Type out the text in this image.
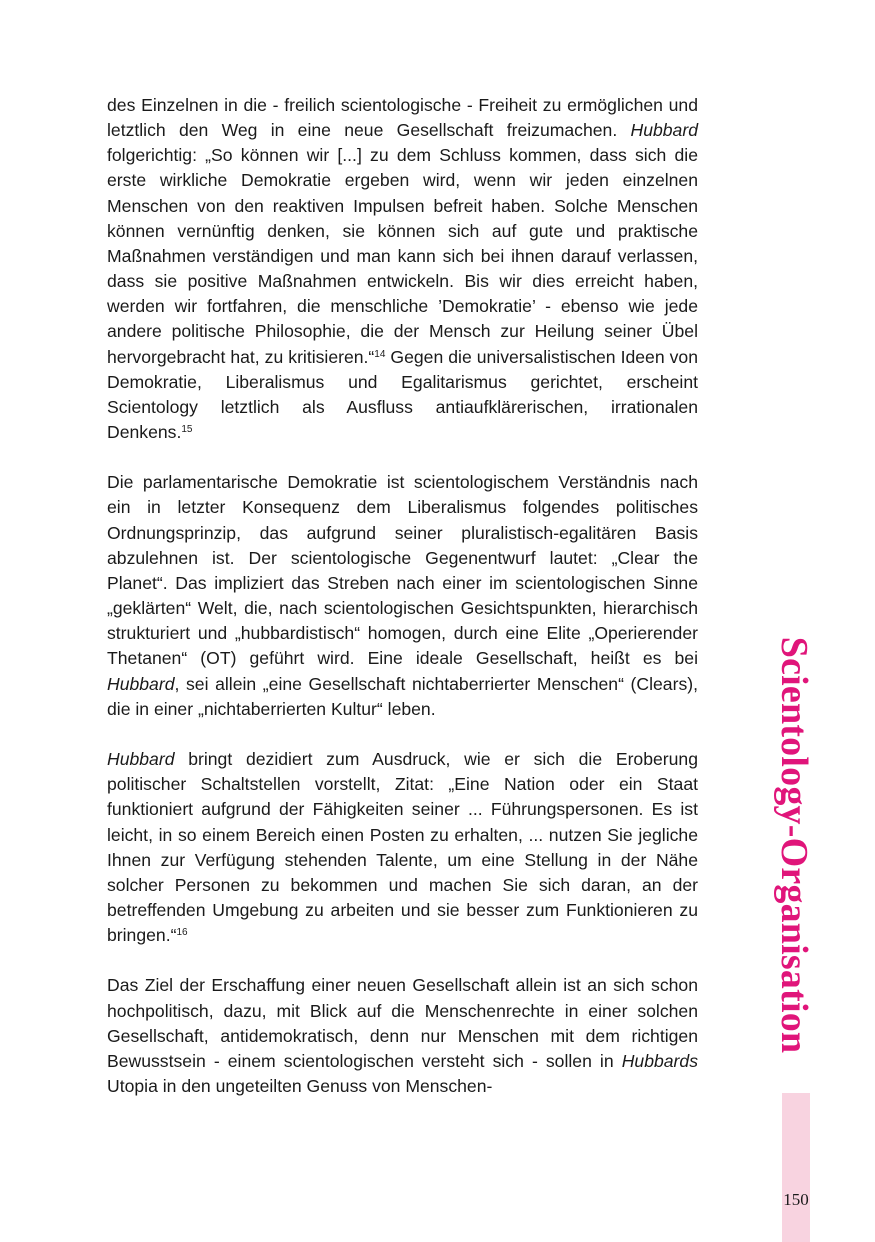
des Einzelnen in die - freilich scientologische - Freiheit zu ermöglichen und letztlich den Weg in eine neue Gesellschaft freizumachen. Hubbard folgerichtig: „So können wir [...] zu dem Schluss kommen, dass sich die erste wirkliche Demokratie ergeben wird, wenn wir jeden einzelnen Menschen von den reaktiven Impulsen befreit haben. Solche Menschen können vernünftig denken, sie können sich auf gute und praktische Maßnahmen verständigen und man kann sich bei ihnen darauf verlassen, dass sie positive Maßnahmen entwickeln. Bis wir dies erreicht haben, werden wir fortfahren, die menschliche ’Demokratie’ - ebenso wie jede andere politische Philosophie, die der Mensch zur Heilung seiner Übel hervorgebracht hat, zu kritisieren.“$^{14}$ Gegen die universalistischen Ideen von Demokratie, Liberalismus und Egalitarismus gerichtet, erscheint Scientology letztlich als Ausfluss antiaufklärerischen, irrationalen Denkens.$^{15}$

Die parlamentarische Demokratie ist scientologischem Verständnis nach ein in letzter Konsequenz dem Liberalismus folgendes politisches Ordnungsprinzip, das aufgrund seiner pluralistisch-egalitären Basis abzulehnen ist. Der scientologische Gegenentwurf lautet: „Clear the Planet“. Das impliziert das Streben nach einer im scientologischen Sinne „geklärten“ Welt, die, nach scientologischen Gesichtspunkten, hierarchisch strukturiert und „hubbardistisch“ homogen, durch eine Elite „Operierender Thetanen“ (OT) geführt wird. Eine ideale Gesellschaft, heißt es bei Hubbard, sei allein „eine Gesellschaft nichtaberrierter Menschen“ (Clears), die in einer „nichtaberrierten Kultur“ leben.

Hubbard bringt dezidiert zum Ausdruck, wie er sich die Eroberung politischer Schaltstellen vorstellt, Zitat: „Eine Nation oder ein Staat funktioniert aufgrund der Fähigkeiten seiner ... Führungspersonen. Es ist leicht, in so einem Bereich einen Posten zu erhalten, ... nutzen Sie jegliche Ihnen zur Verfügung stehenden Talente, um eine Stellung in der Nähe solcher Personen zu bekommen und machen Sie sich daran, an der betreffenden Umgebung zu arbeiten und sie besser zum Funktionieren zu bringen.“$^{16}$

Das Ziel der Erschaffung einer neuen Gesellschaft allein ist an sich schon hochpolitisch, dazu, mit Blick auf die Menschenrechte in einer solchen Gesellschaft, antidemokratisch, denn nur Menschen mit dem richtigen Bewusstsein - einem scientologischen versteht sich - sollen in Hubbards Utopia in den ungeteilten Genuss von Menschen-

Scientology-Organisation
150
